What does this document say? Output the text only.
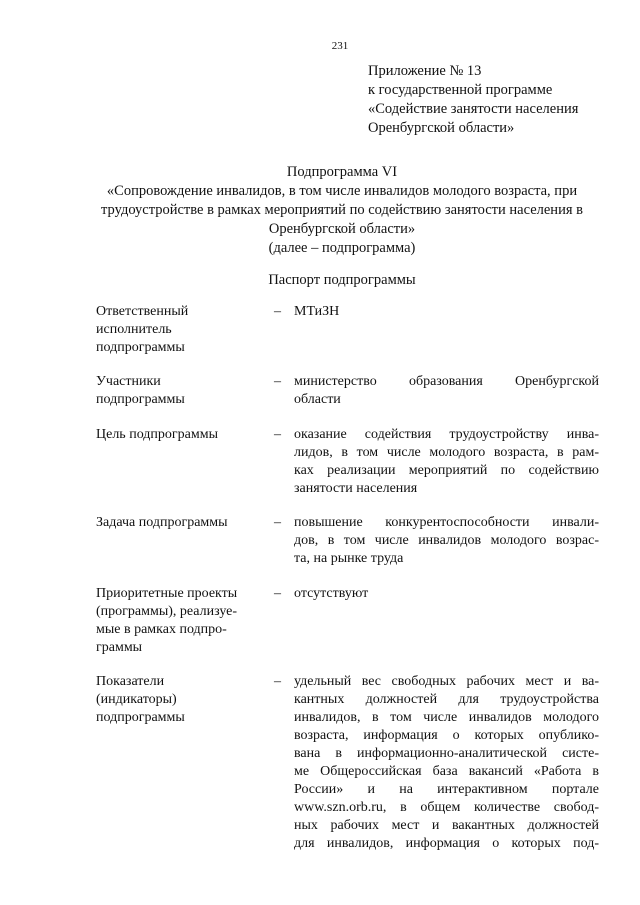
231
Приложение № 13
к государственной программе
«Содействие занятости населения
Оренбургской области»
Подпрограмма VI
«Сопровождение инвалидов, в том числе инвалидов молодого возраста, при
трудоустройстве в рамках мероприятий по содействию занятости населения в
Оренбургской области»
(далее – подпрограмма)
Паспорт подпрограммы
Ответственный
исполнитель
подпрограммы
– МТиЗН
Участники
подпрограммы
– министерство образования Оренбургской
области
Цель подпрограммы	– оказание содействия трудоустройству инва-
лидов, в том числе молодого возраста, в рам-
ках реализации мероприятий по содействию
занятости населения
Задача подпрограммы	– повышение конкурентоспособности инвали-
дов, в том числе инвалидов молодого возрас-
та, на рынке труда
Приоритетные проекты
(программы), реализуе-
мые в рамках подпро-
граммы
– отсутствуют
Показатели
(индикаторы)
подпрограммы
– удельный вес свободных рабочих мест и ва-
кантных должностей для трудоустройства
инвалидов, в том числе инвалидов молодого
возраста, информация о которых опублико-
вана в информационно-аналитической систе-
ме Общероссийская база вакансий «Работа в
России» и на интерактивном портале
www.szn.orb.ru, в общем количестве свобод-
ных рабочих мест и вакантных должностей
для инвалидов, информация о которых под-
